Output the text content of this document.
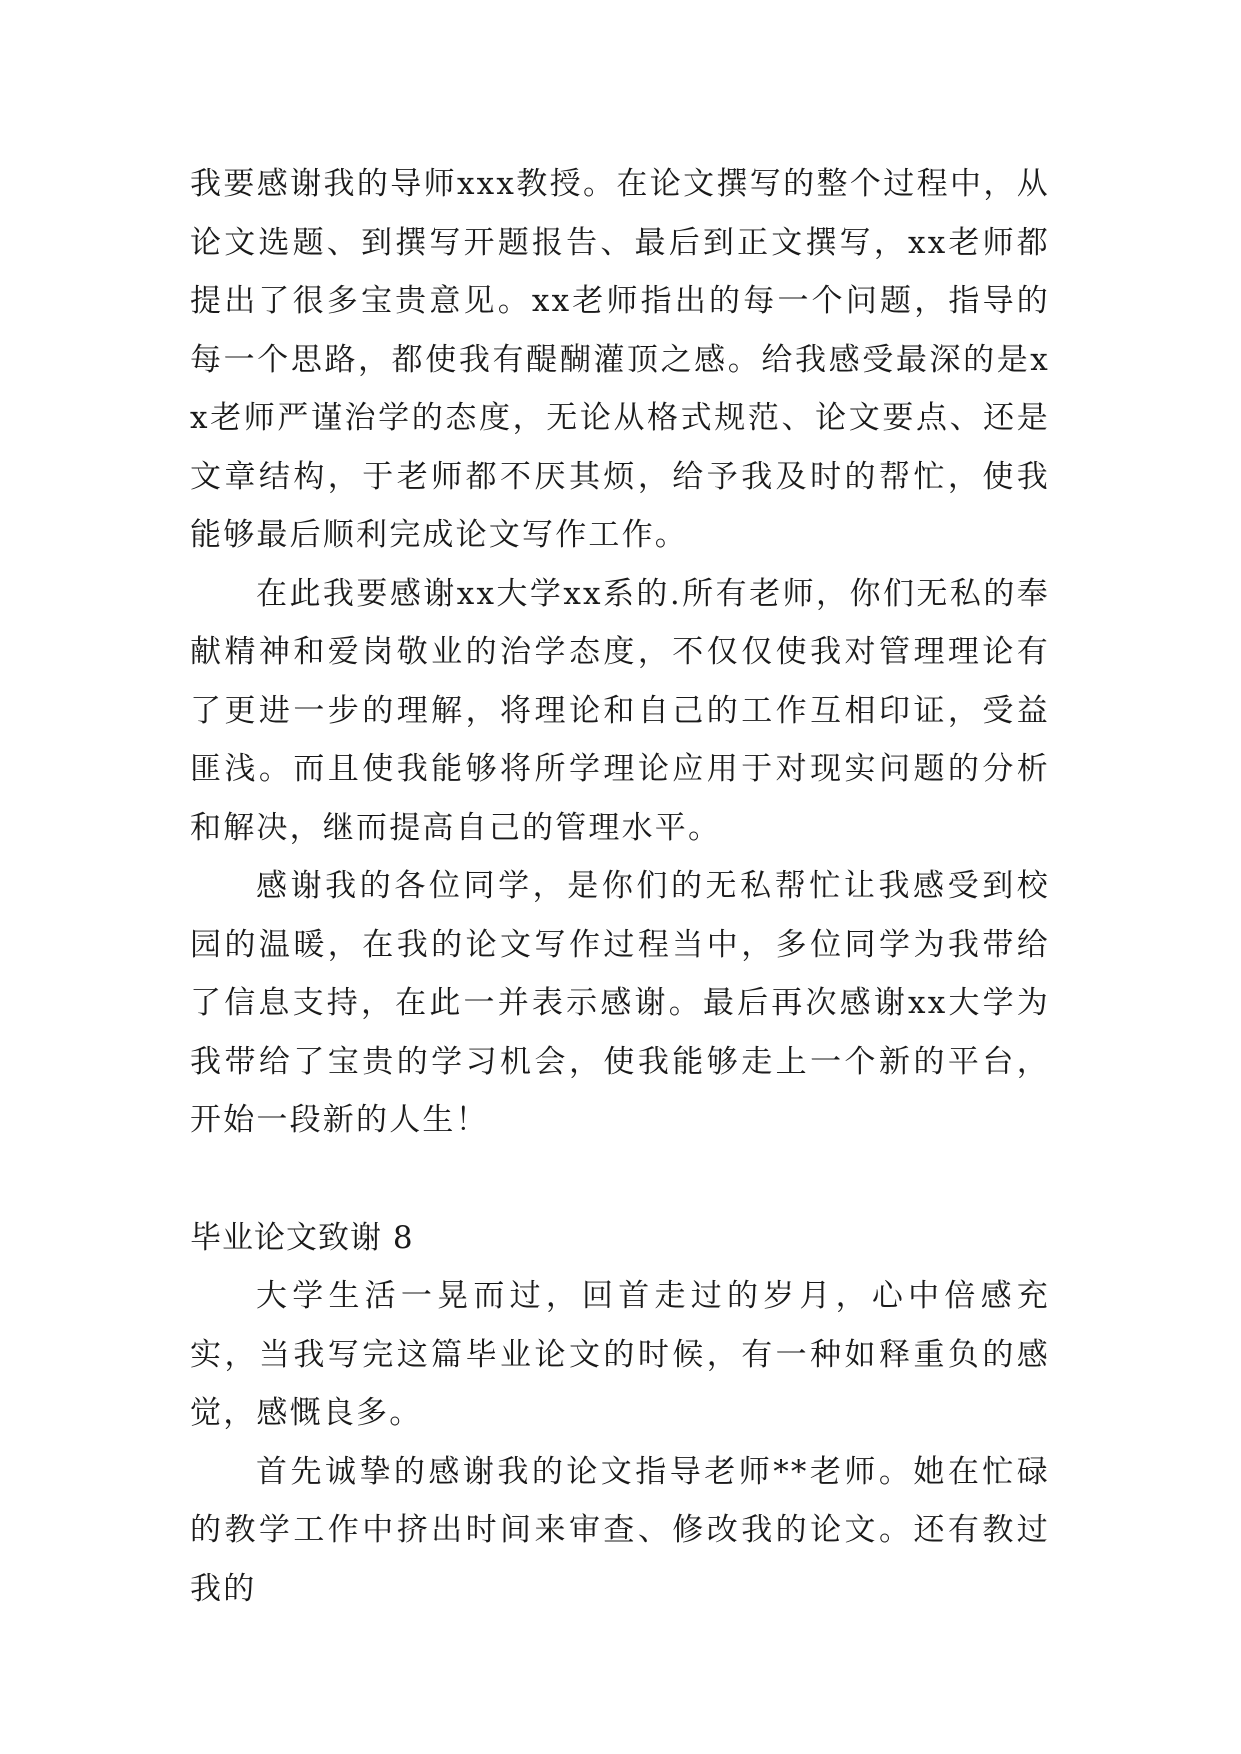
我要感谢我的导师xxx教授。在论文撰写的整个过程中，从论文选题、到撰写开题报告、最后到正文撰写，xx老师都提出了很多宝贵意见。xx老师指出的每一个问题，指导的每一个思路，都使我有醍醐灌顶之感。给我感受最深的是xx老师严谨治学的态度，无论从格式规范、论文要点、还是文章结构，于老师都不厌其烦，给予我及时的帮忙，使我能够最后顺利完成论文写作工作。

在此我要感谢xx大学xx系的.所有老师，你们无私的奉献精神和爱岗敬业的治学态度，不仅仅使我对管理理论有了更进一步的理解，将理论和自己的工作互相印证，受益匪浅。而且使我能够将所学理论应用于对现实问题的分析和解决，继而提高自己的管理水平。

感谢我的各位同学，是你们的无私帮忙让我感受到校园的温暖，在我的论文写作过程当中，多位同学为我带给了信息支持，在此一并表示感谢。最后再次感谢xx大学为我带给了宝贵的学习机会，使我能够走上一个新的平台，开始一段新的人生！

毕业论文致谢 8

大学生活一晃而过，回首走过的岁月，心中倍感充实，当我写完这篇毕业论文的时候，有一种如释重负的感觉，感慨良多。

首先诚挚的感谢我的论文指导老师**老师。她在忙碌的教学工作中挤出时间来审查、修改我的论文。还有教过我的
